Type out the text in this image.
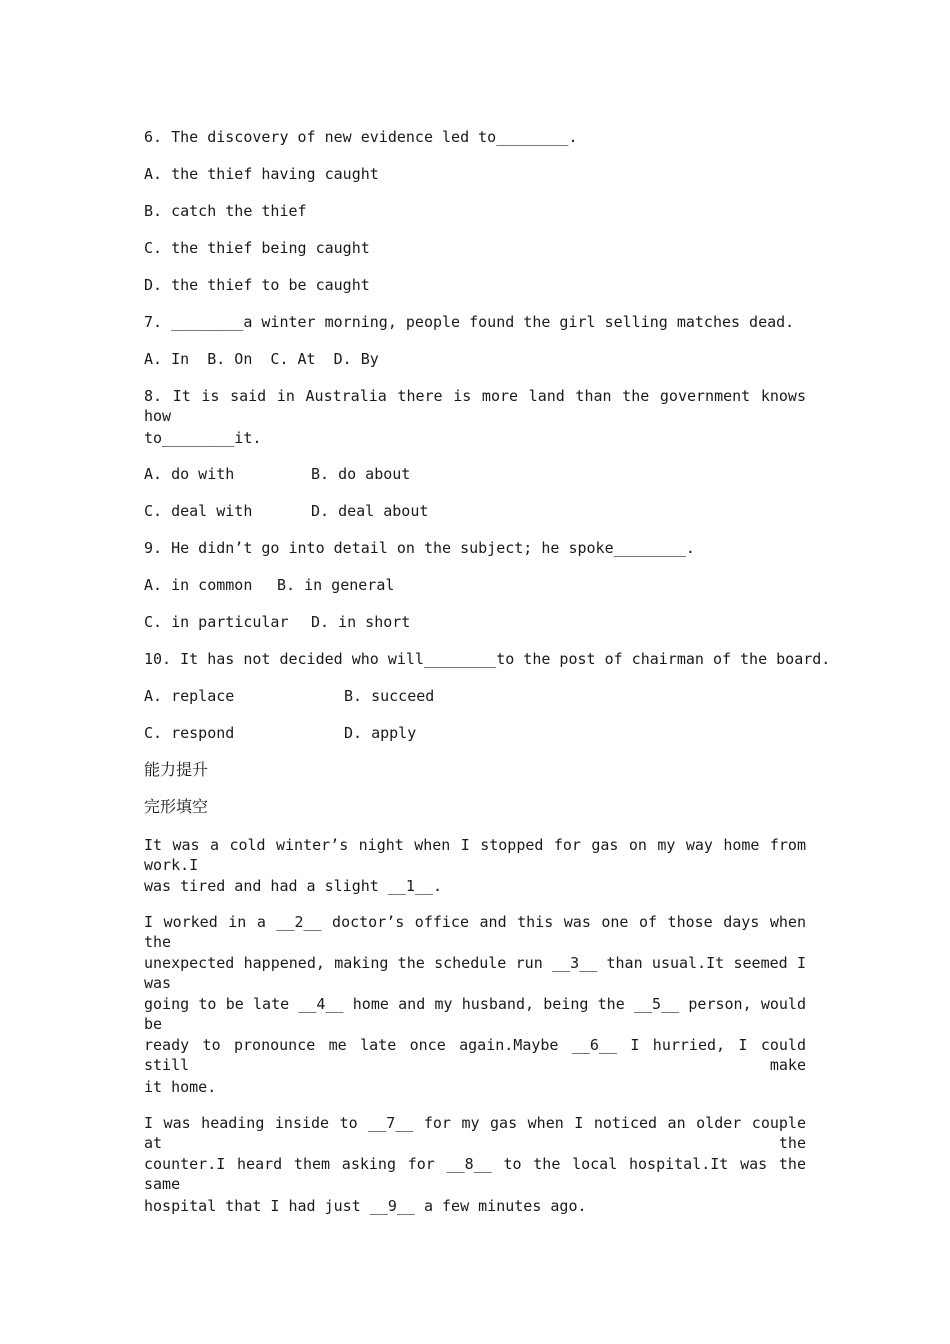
6. The discovery of new evidence led to________.
A. the thief having caught
B. catch the thief
C. the thief being caught
D. the thief to be caught
7. ________a winter morning, people found the girl selling matches dead.
A. In  B. On  C. At  D. By
8. It is said in Australia there is more land than the government knows how
to________it.
A. do with	B. do about
C. deal with	D. deal about
9. He didn’t go into detail on the subject; he spoke________.
A. in common B. in general
C. in particular D. in short
10. It has not decided who will________to the post of chairman of the board.
A. replace	B. succeed
C. respond	D. apply
能力提升
完形填空
It was a cold winter’s night when I stopped for gas on my way home from work.I
was tired and had a slight __1__.
I worked in a __2__ doctor’s office and this was one of those days when the
unexpected happened, making the schedule run __3__ than usual.It seemed I was
going to be late __4__ home and my husband, being the __5__ person, would be
ready to pronounce me late once again.Maybe __6__ I hurried, I could still make
it home.
I was heading inside to __7__ for my gas when I noticed an older couple at the
counter.I heard them asking for __8__ to the local hospital.It was the same
hospital that I had just __9__ a few minutes ago.
